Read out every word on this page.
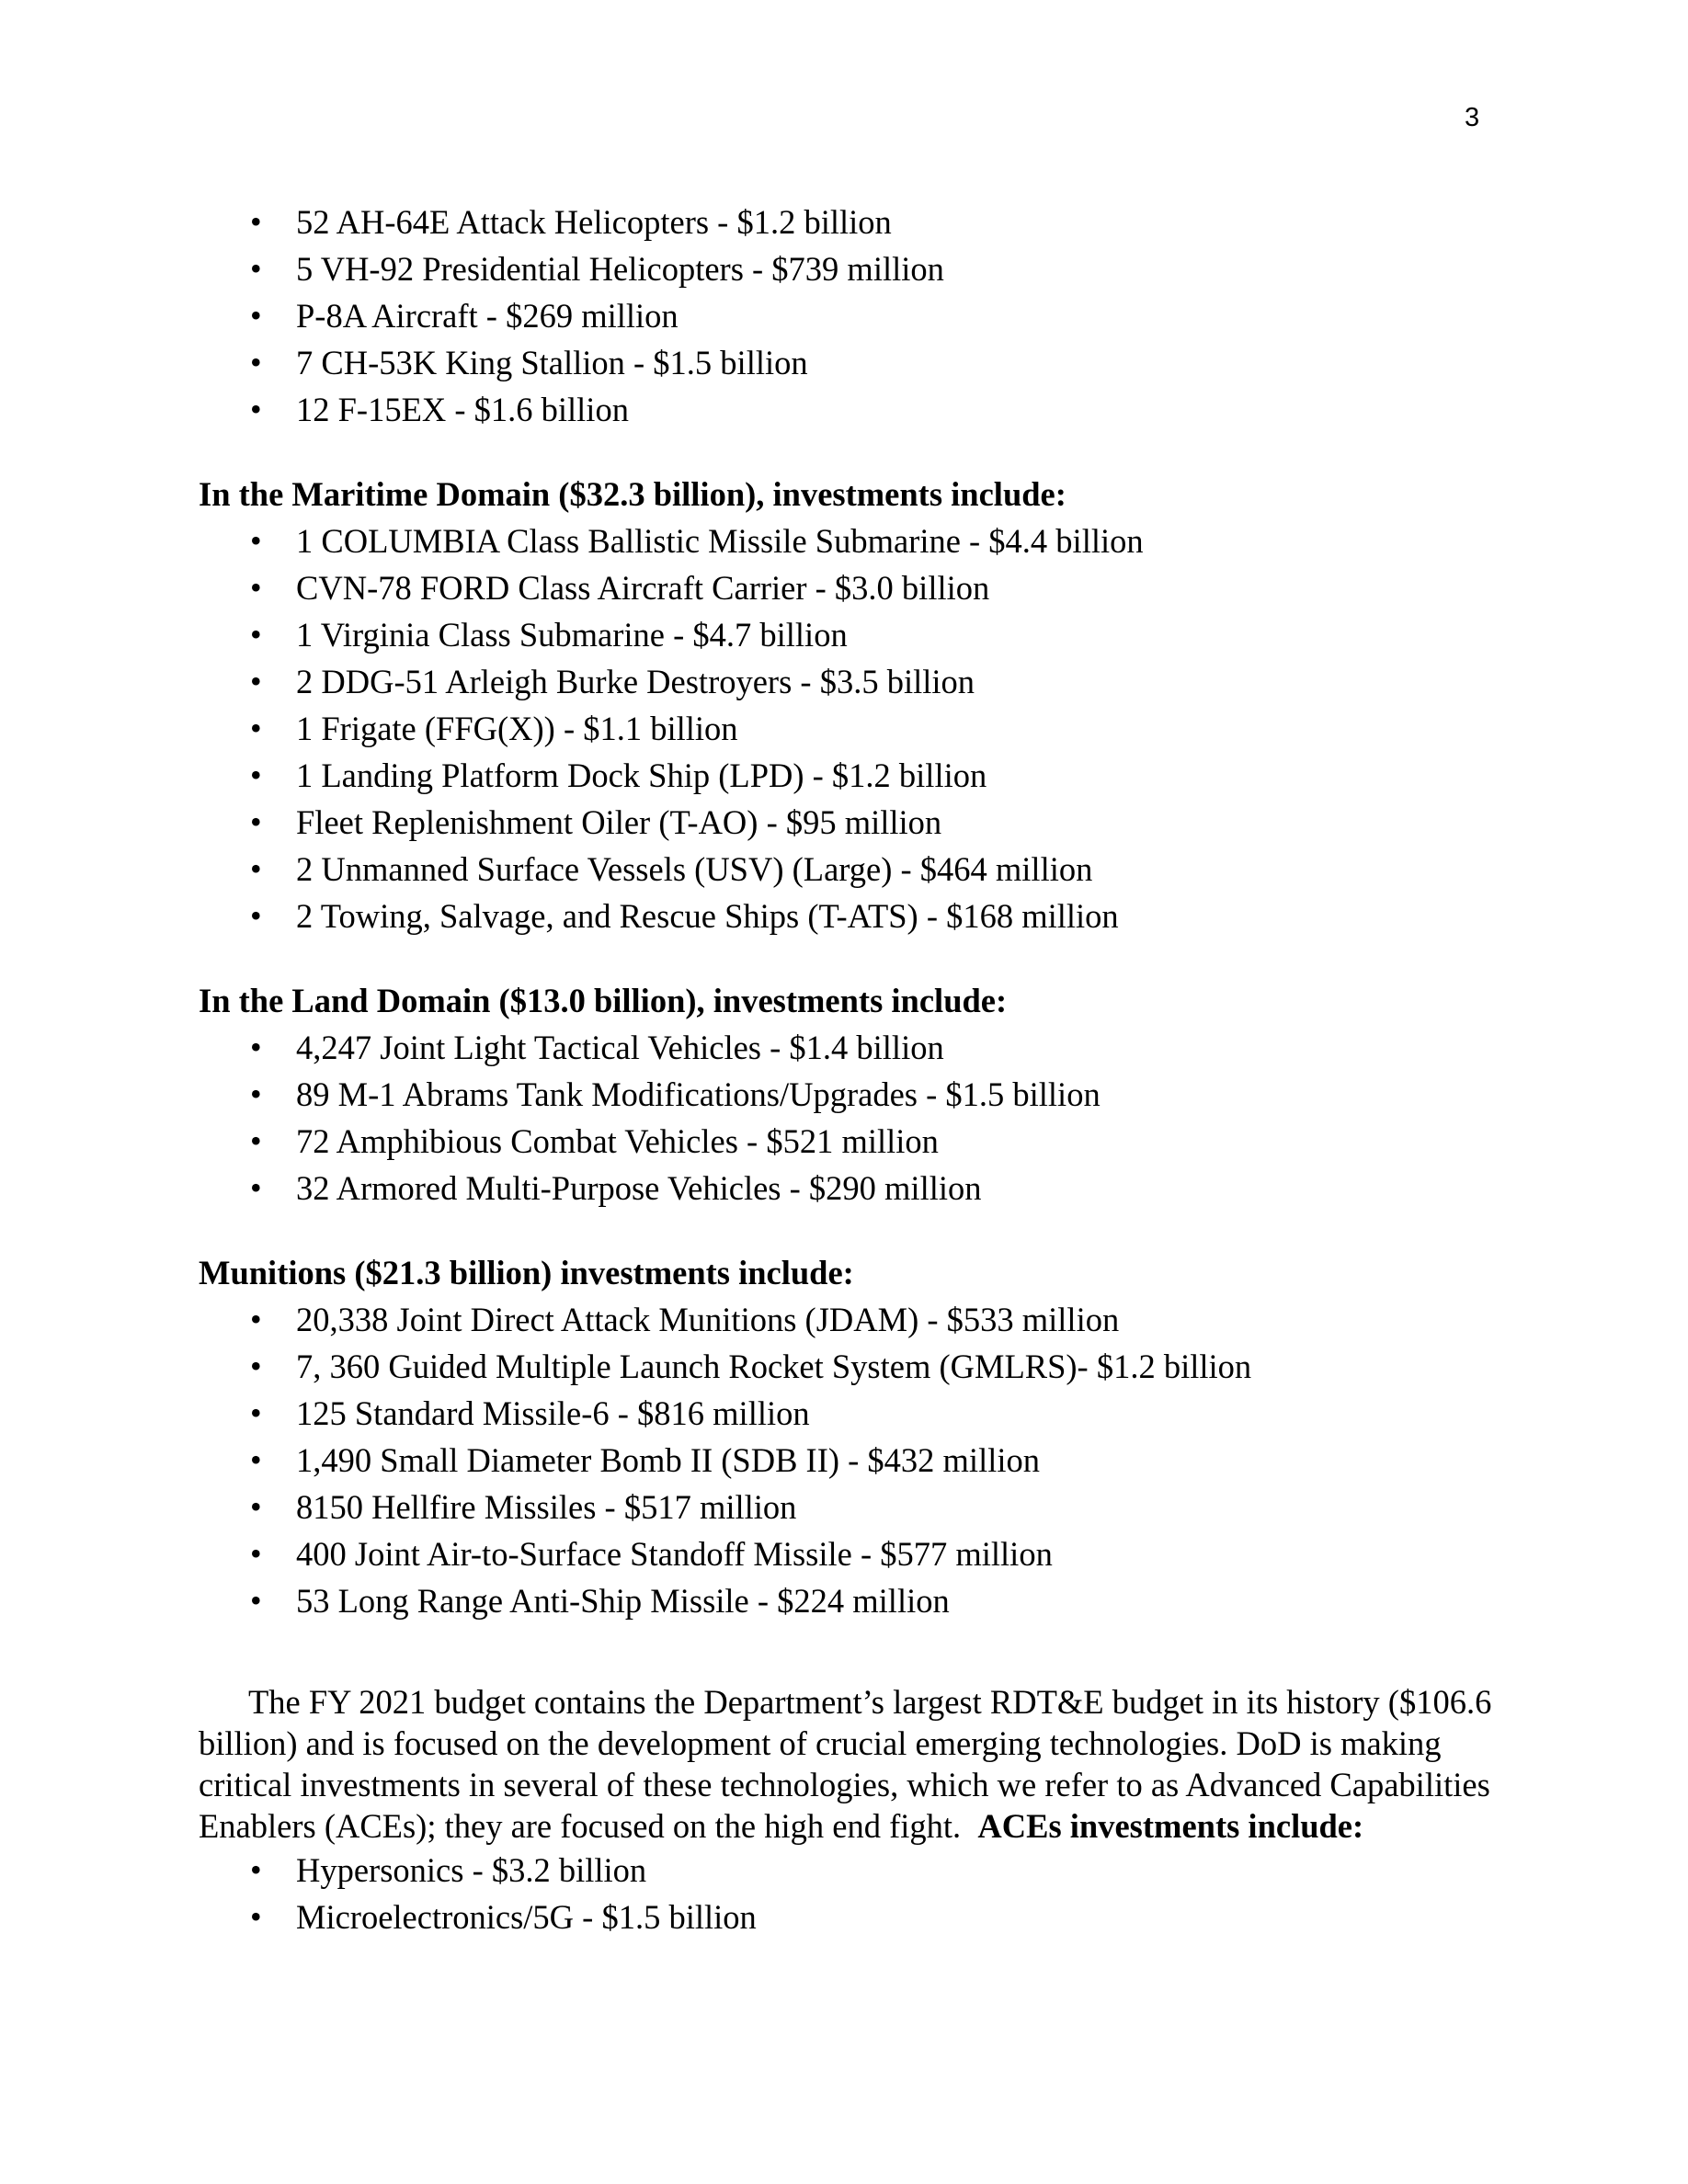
3
• 52 AH-64E Attack Helicopters - $1.2 billion
• 5 VH-92 Presidential Helicopters - $739 million
• P-8A Aircraft - $269 million
• 7 CH-53K King Stallion - $1.5 billion
• 12 F-15EX - $1.6 billion

In the Maritime Domain ($32.3 billion), investments include:

• 1 COLUMBIA Class Ballistic Missile Submarine - $4.4 billion
• CVN-78 FORD Class Aircraft Carrier - $3.0 billion
• 1 Virginia Class Submarine - $4.7 billion
• 2 DDG-51 Arleigh Burke Destroyers - $3.5 billion
• 1 Frigate (FFG(X)) - $1.1 billion
• 1 Landing Platform Dock Ship (LPD) - $1.2 billion
• Fleet Replenishment Oiler (T-AO) - $95 million
• 2 Unmanned Surface Vessels (USV) (Large) - $464 million
• 2 Towing, Salvage, and Rescue Ships (T-ATS) - $168 million

In the Land Domain ($13.0 billion), investments include:

• 4,247 Joint Light Tactical Vehicles - $1.4 billion
• 89 M-1 Abrams Tank Modifications/Upgrades - $1.5 billion
• 72 Amphibious Combat Vehicles - $521 million
• 32 Armored Multi-Purpose Vehicles - $290 million

Munitions ($21.3 billion) investments include:

• 20,338 Joint Direct Attack Munitions (JDAM) - $533 million
• 7, 360 Guided Multiple Launch Rocket System (GMLRS)- $1.2 billion
• 125 Standard Missile-6 - $816 million
• 1,490 Small Diameter Bomb II (SDB II) - $432 million
• 8150 Hellfire Missiles - $517 million
• 400 Joint Air-to-Surface Standoff Missile - $577 million
• 53 Long Range Anti-Ship Missile - $224 million

The FY 2021 budget contains the Department’s largest RDT&E budget in its history ($106.6 billion) and is focused on the development of crucial emerging technologies. DoD is making critical investments in several of these technologies, which we refer to as Advanced Capabilities Enablers (ACEs); they are focused on the high end fight. ACEs investments include:

• Hypersonics - $3.2 billion
• Microelectronics/5G - $1.5 billion
